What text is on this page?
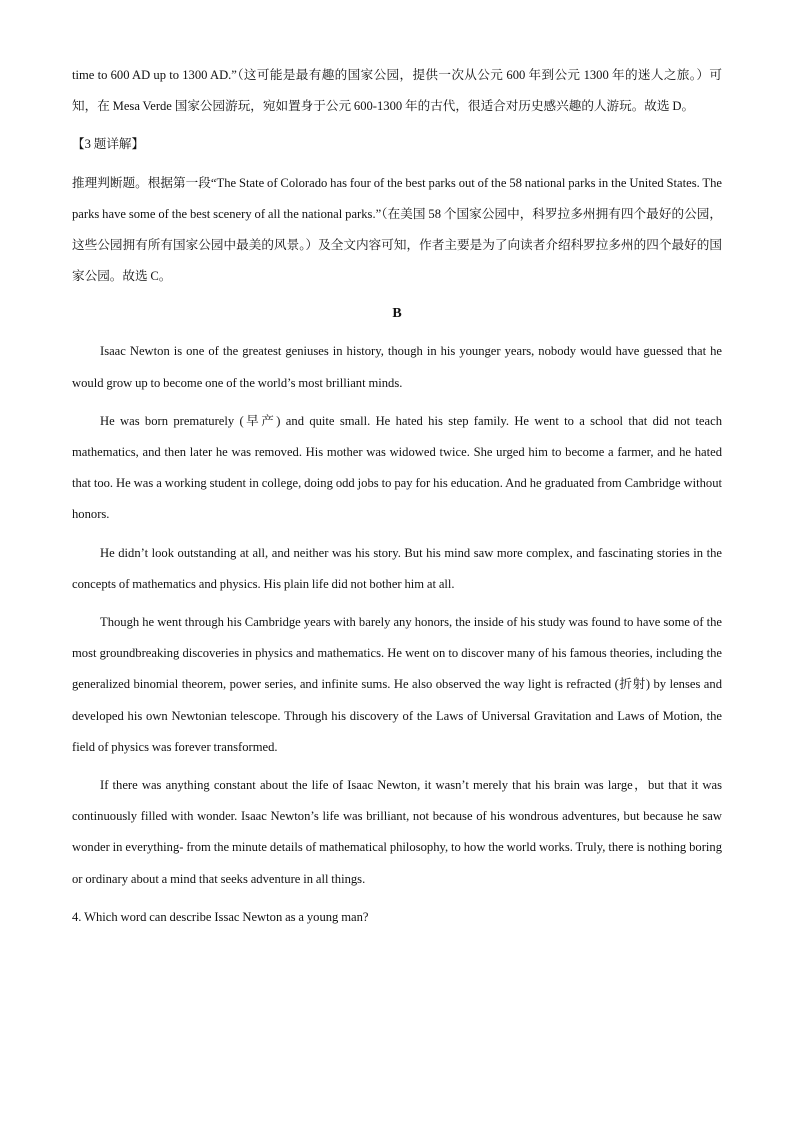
time to 600 AD up to 1300 AD.”（这可能是最有趣的国家公园，提供一次从公元 600 年到公元 1300 年的迷人之旅。）可知，在 Mesa Verde 国家公园游玩，宛如置身于公元 600-1300 年的古代，很适合对历史感兴趣的人游玩。故选 D。

【3 题详解】

推理判断题。根据第一段“The State of Colorado has four of the best parks out of the 58 national parks in the United States. The parks have some of the best scenery of all the national parks.”（在美国 58 个国家公园中，科罗拉多州拥有四个最好的公园，这些公园拥有所有国家公园中最美的风景。）及全文内容可知，作者主要是为了向读者介绍科罗拉多州的四个最好的国家公园。故选 C。

B

Isaac Newton is one of the greatest geniuses in history, though in his younger years, nobody would have guessed that he would grow up to become one of the world’s most brilliant minds.

He was born prematurely (早产) and quite small. He hated his step family. He went to a school that did not teach mathematics, and then later he was removed. His mother was widowed twice. She urged him to become a farmer, and he hated that too. He was a working student in college, doing odd jobs to pay for his education. And he graduated from Cambridge without honors.

He didn’t look outstanding at all, and neither was his story. But his mind saw more complex, and fascinating stories in the concepts of mathematics and physics. His plain life did not bother him at all.

Though he went through his Cambridge years with barely any honors, the inside of his study was found to have some of the most groundbreaking discoveries in physics and mathematics. He went on to discover many of his famous theories, including the generalized binomial theorem, power series, and infinite sums. He also observed the way light is refracted (折射) by lenses and developed his own Newtonian telescope. Through his discovery of the Laws of Universal Gravitation and Laws of Motion, the field of physics was forever transformed.

If there was anything constant about the life of Isaac Newton, it wasn’t merely that his brain was large，but that it was continuously filled with wonder. Isaac Newton’s life was brilliant, not because of his wondrous adventures, but because he saw wonder in everything- from the minute details of mathematical philosophy, to how the world works. Truly, there is nothing boring or ordinary about a mind that seeks adventure in all things.

4. Which word can describe Issac Newton as a young man?
